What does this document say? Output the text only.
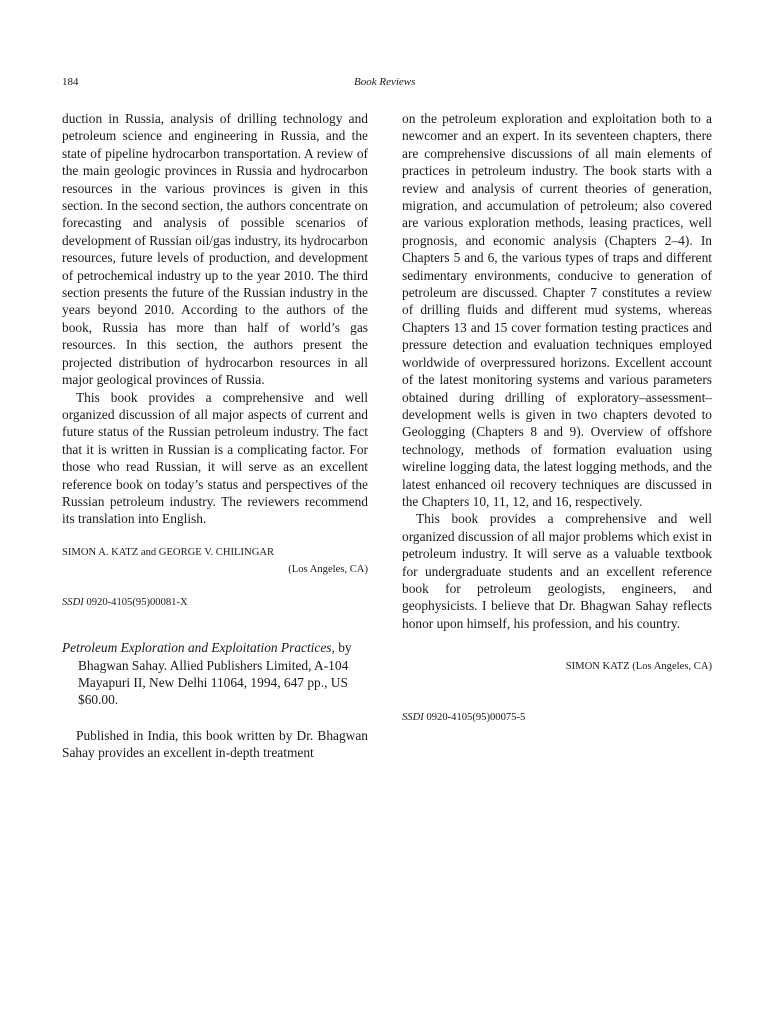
184	Book Reviews

duction in Russia, analysis of drilling technology and petroleum science and engineering in Russia, and the state of pipeline hydrocarbon transportation. A review of the main geologic provinces in Russia and hydrocarbon resources in the various provinces is given in this section. In the second section, the authors concentrate on forecasting and analysis of possible scenarios of development of Russian oil/gas industry, its hydrocarbon resources, future levels of production, and development of petrochemical industry up to the year 2010. The third section presents the future of the Russian industry in the years beyond 2010. According to the authors of the book, Russia has more than half of world’s gas resources. In this section, the authors present the projected distribution of hydrocarbon resources in all major geological provinces of Russia.

This book provides a comprehensive and well organized discussion of all major aspects of current and future status of the Russian petroleum industry. The fact that it is written in Russian is a complicating factor. For those who read Russian, it will serve as an excellent reference book on today’s status and perspectives of the Russian petroleum industry. The reviewers recommend its translation into English.

SIMON A. KATZ and GEORGE V. CHILINGAR
(Los Angeles, CA)

SSDI 0920-4105(95)00081-X

Petroleum Exploration and Exploitation Practices, by Bhagwan Sahay. Allied Publishers Limited, A-104 Mayapuri II, New Delhi 11064, 1994, 647 pp., US $60.00.

Published in India, this book written by Dr. Bhagwan Sahay provides an excellent in-depth treatment

on the petroleum exploration and exploitation both to a newcomer and an expert. In its seventeen chapters, there are comprehensive discussions of all main elements of practices in petroleum industry. The book starts with a review and analysis of current theories of generation, migration, and accumulation of petroleum; also covered are various exploration methods, leasing practices, well prognosis, and economic analysis (Chapters 2–4). In Chapters 5 and 6, the various types of traps and different sedimentary environments, conducive to generation of petroleum are discussed. Chapter 7 constitutes a review of drilling fluids and different mud systems, whereas Chapters 13 and 15 cover formation testing practices and pressure detection and evaluation techniques employed worldwide of overpressured horizons. Excellent account of the latest monitoring systems and various parameters obtained during drilling of exploratory–assessment–development wells is given in two chapters devoted to Geologging (Chapters 8 and 9). Overview of offshore technology, methods of formation evaluation using wireline logging data, the latest logging methods, and the latest enhanced oil recovery techniques are discussed in the Chapters 10, 11, 12, and 16, respectively.

This book provides a comprehensive and well organized discussion of all major problems which exist in petroleum industry. It will serve as a valuable textbook for undergraduate students and an excellent reference book for petroleum geologists, engineers, and geophysicists. I believe that Dr. Bhagwan Sahay reflects honor upon himself, his profession, and his country.

SIMON KATZ (Los Angeles, CA)

SSDI 0920-4105(95)00075-5
